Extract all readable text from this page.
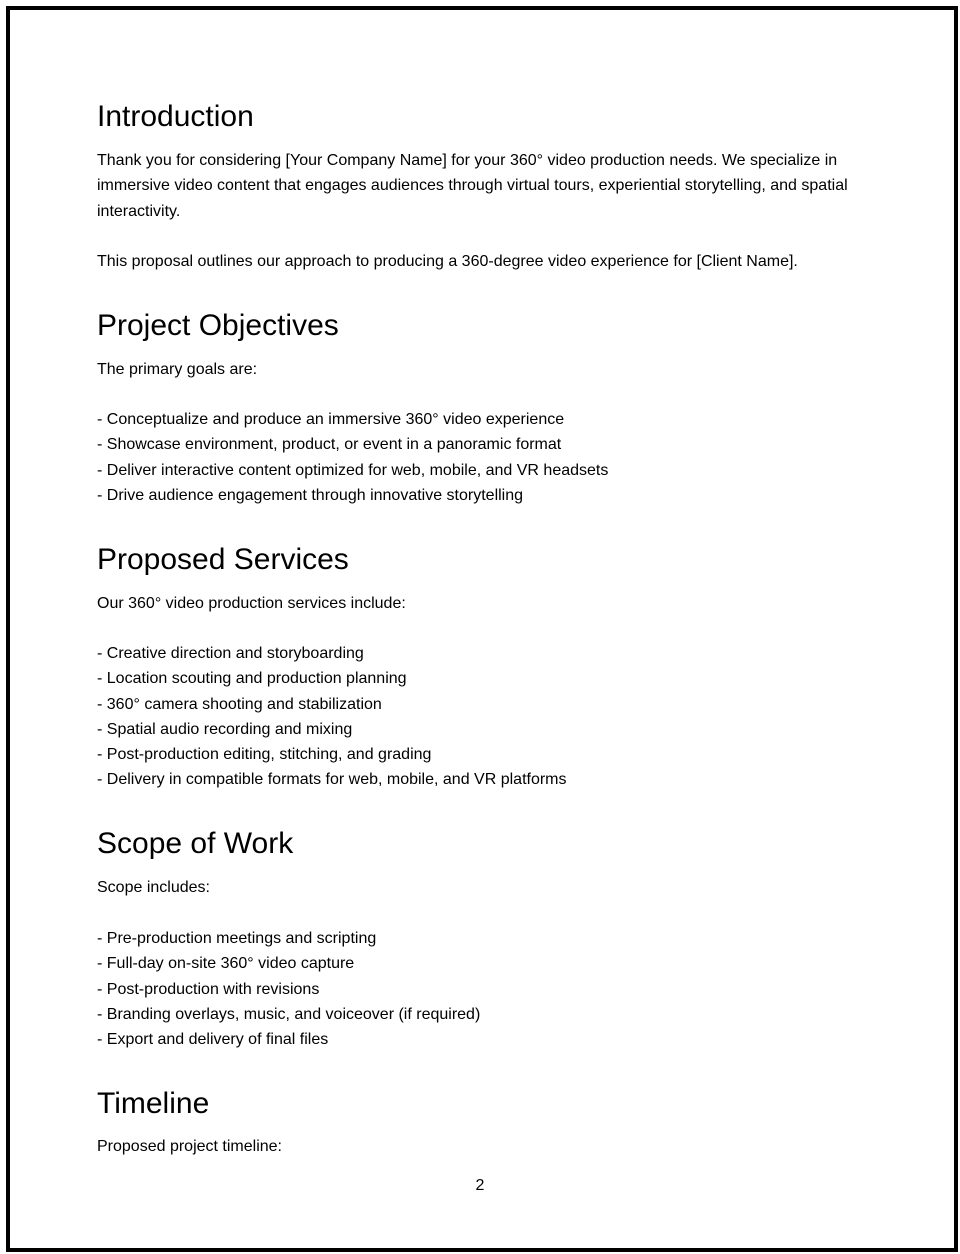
Introduction

Thank you for considering [Your Company Name] for your 360° video production needs. We specialize in immersive video content that engages audiences through virtual tours, experiential storytelling, and spatial interactivity.

This proposal outlines our approach to producing a 360-degree video experience for [Client Name].

Project Objectives

The primary goals are:

- Conceptualize and produce an immersive 360° video experience
- Showcase environment, product, or event in a panoramic format
- Deliver interactive content optimized for web, mobile, and VR headsets
- Drive audience engagement through innovative storytelling
Proposed Services

Our 360° video production services include:

- Creative direction and storyboarding
- Location scouting and production planning
- 360° camera shooting and stabilization
- Spatial audio recording and mixing
- Post-production editing, stitching, and grading
- Delivery in compatible formats for web, mobile, and VR platforms
Scope of Work

Scope includes:

- Pre-production meetings and scripting
- Full-day on-site 360° video capture
- Post-production with revisions
- Branding overlays, music, and voiceover (if required)
- Export and delivery of final files
Timeline

Proposed project timeline:

2
